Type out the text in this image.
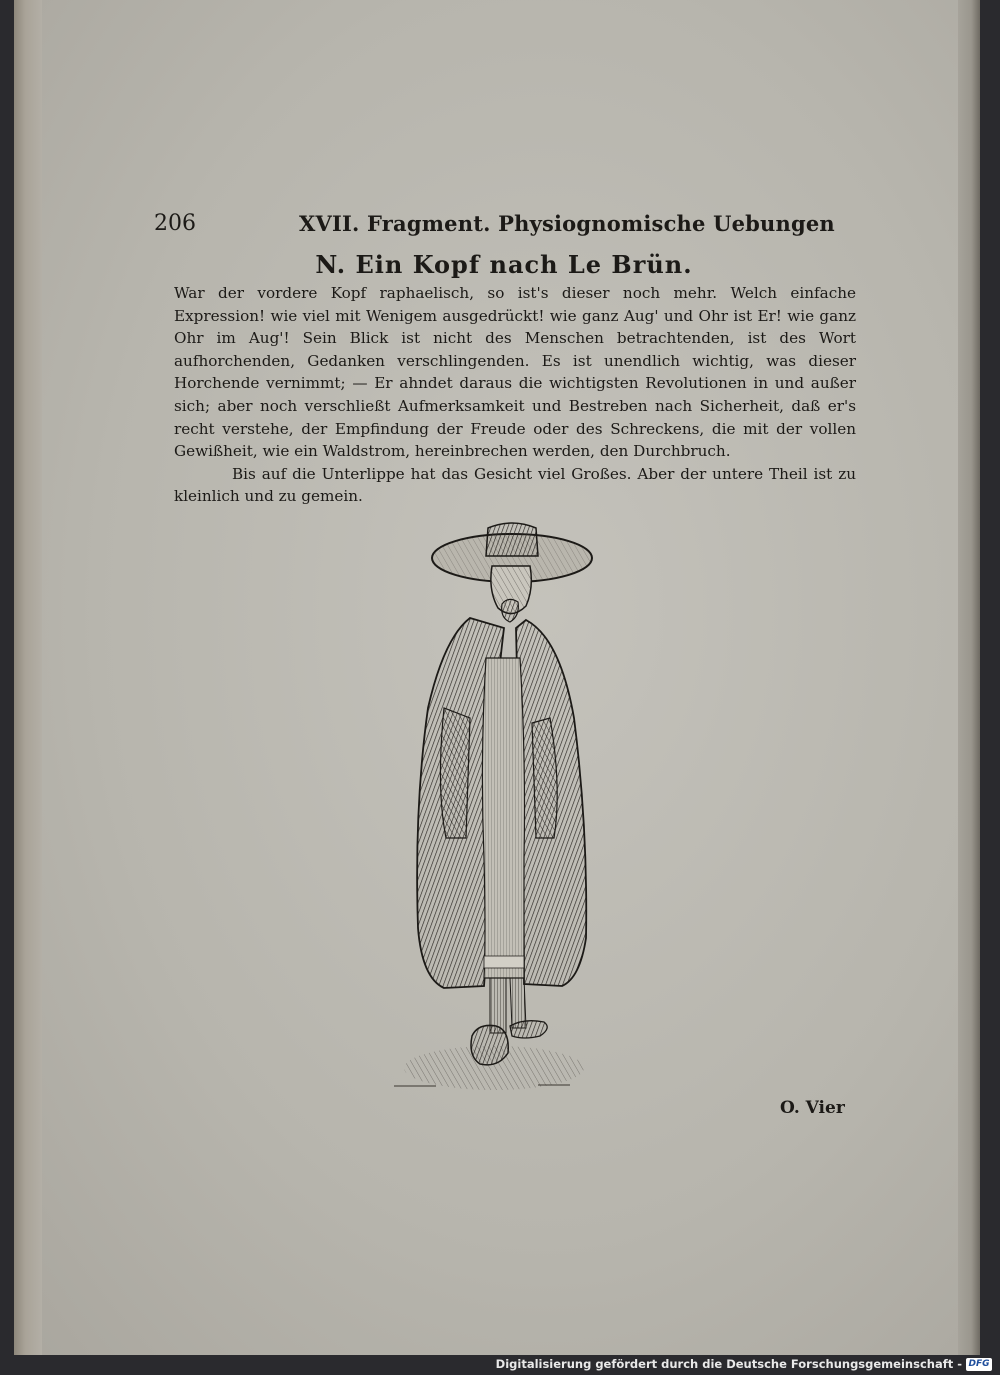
206	XVII. Fragment. Physiognomische Uebungen
N. Ein Kopf nach Le Brün.

War der vordere Kopf raphaelisch, so ist's dieser noch mehr. Welch einfache Expression! wie viel mit Wenigem ausgedrückt! wie ganz Aug' und Ohr ist Er! wie ganz Ohr im Aug'! Sein Blick ist nicht des Menschen betrachtenden, ist des Wort aufhorchenden, Gedanken verschlingenden. Es ist unendlich wichtig, was dieser Horchende vernimmt; — Er ahndet daraus die wichtigsten Revolutionen in und außer sich; aber noch verschließt Aufmerksamkeit und Bestreben nach Sicherheit, daß er's recht verstehe, der Empfindung der Freude oder des Schreckens, die mit der vollen Gewißheit, wie ein Waldstrom, hereinbrechen werden, den Durchbruch.

Bis auf die Unterlippe hat das Gesicht viel Großes. Aber der untere Theil ist zu kleinlich und zu gemein.

O. Vier
Digitalisierung gefördert durch die Deutsche Forschungsgemeinschaft - DFG
